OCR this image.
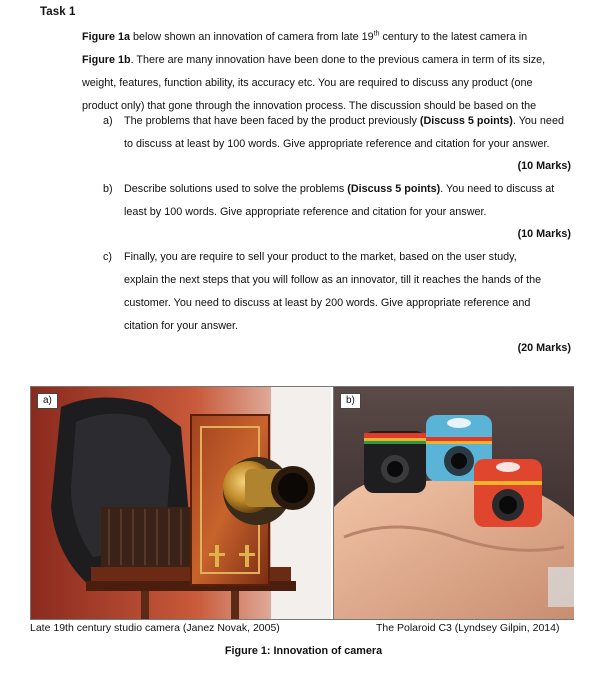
Task 1
Figure 1a below shown an innovation of camera from late 19th century to the latest camera in
Figure 1b. There are many innovation have been done to the previous camera in term of its size,
weight, features, function ability, its accuracy etc. You are required to discuss any product (one
product only) that gone through the innovation process. The discussion should be based on the
a) The problems that have been faced by the product previously (Discuss 5 points). You need
to discuss at least by 100 words. Give appropriate reference and citation for your answer.
(10 Marks)
b) Describe solutions used to solve the problems (Discuss 5 points). You need to discuss at
least by 100 words. Give appropriate reference and citation for your answer.
(10 Marks)
c) Finally, you are require to sell your product to the market, based on the user study,
explain the next steps that you will follow as an innovator, till it reaches the hands of the
customer. You need to discuss at least by 200 words. Give appropriate reference and
citation for your answer.
(20 Marks)
a)	b)
Late 19th century studio camera (Janez Novak, 2005)	The Polaroid C3 (Lyndsey Gilpin, 2014)
Figure 1: Innovation of camera
